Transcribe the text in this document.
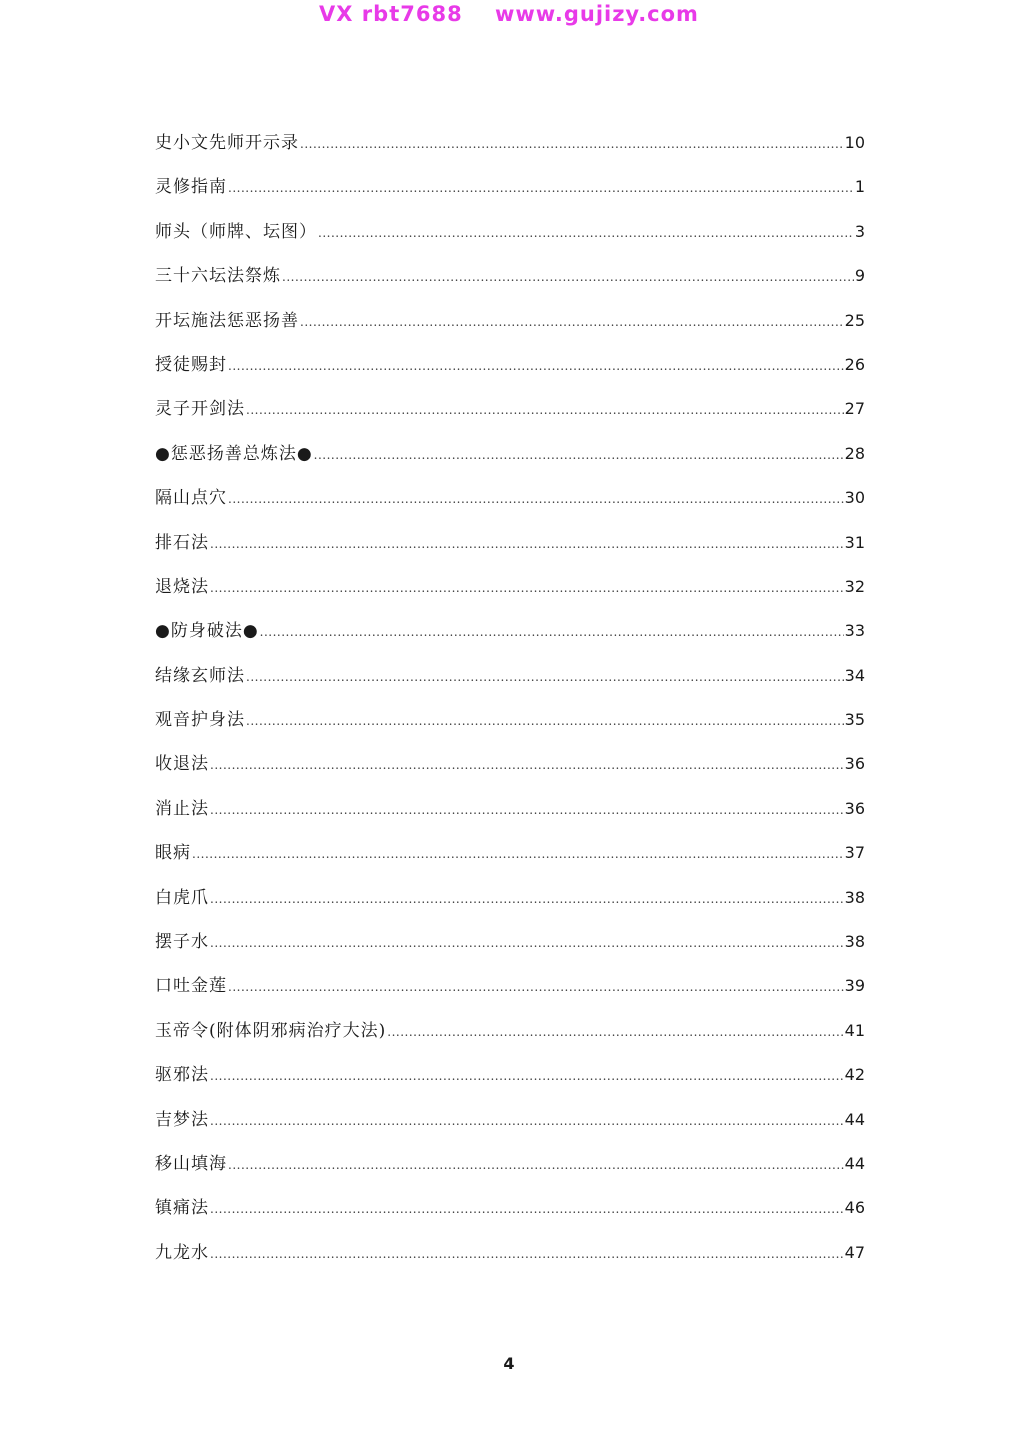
VX rbt7688 www.gujizy.com
史小文先师开示录 .....	10
灵修指南 .....	1
师头（师牌、坛图） .....	3
三十六坛法祭炼 .....	9
开坛施法惩恶扬善 .....	25
授徒赐封 .....	26
灵子开剑法 .....	27
●惩恶扬善总炼法● .....	28
隔山点穴 .....	30
排石法 .....	31
退烧法 .....	32
●防身破法● .....	33
结缘玄师法 .....	34
观音护身法 .....	35
收退法 .....	36
消止法 .....	36
眼病 .....	37
白虎爪 .....	38
摆子水 .....	38
口吐金莲 .....	39
玉帝令(附体阴邪病治疗大法) .....	41
驱邪法 .....	42
吉梦法 .....	44
移山填海 .....	44
镇痛法 .....	46
九龙水 .....	47
4
